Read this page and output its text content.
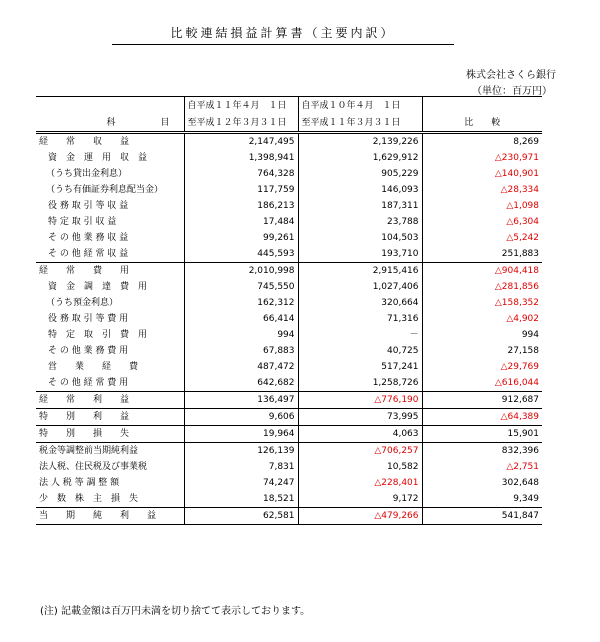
比較連結損益計算書（主要内訳）
株式会社さくら銀行
（単位：百万円）
	自平成１１年４月　１日	自平成１０年４月　１日	
科　　　　　目	至平成１２年３月３１日	至平成１１年３月３１日	比　　較
経　　常　　収　　益	2,147,495	2,139,226	8,269
資　金　運　用　収　益	1,398,941	1,629,912	△230,971
（うち貸出金利息）	764,328	905,229	△140,901
（うち有価証券利息配当金）	117,759	146,093	△28,334
役 務 取 引 等 収 益	186,213	187,311	△1,098
特 定 取 引 収 益	17,484	23,788	△6,304
そ の 他 業 務 収 益	99,261	104,503	△5,242
そ の 他 経 常 収 益	445,593	193,710	251,883
経　　常　　費　　用	2,010,998	2,915,416	△904,418
資　金　調　達　費　用	745,550	1,027,406	△281,856
（うち預金利息）	162,312	320,664	△158,352
役 務 取 引 等 費 用	66,414	71,316	△4,902
特　定　取　引　費　用	994	－	994
そ の 他 業 務 費 用	67,883	40,725	27,158
営　　業　　経　　費	487,472	517,241	△29,769
そ の 他 経 常 費 用	642,682	1,258,726	△616,044
経　　常　　利　　益	136,497	△776,190	912,687
特　　別　　利　　益	9,606	73,995	△64,389
特　　別　　損　　失	19,964	4,063	15,901
税金等調整前当期純利益	126,139	△706,257	832,396
法人税、住民税及び事業税	7,831	10,582	△2,751
法 人 税 等 調 整 額	74,247	△228,401	302,648
少　数　株　主　損　失	18,521	9,172	9,349
当　　期　　純　　利　　益	62,581	△479,266	541,847
(注) 記載金額は百万円未満を切り捨てて表示しております。
